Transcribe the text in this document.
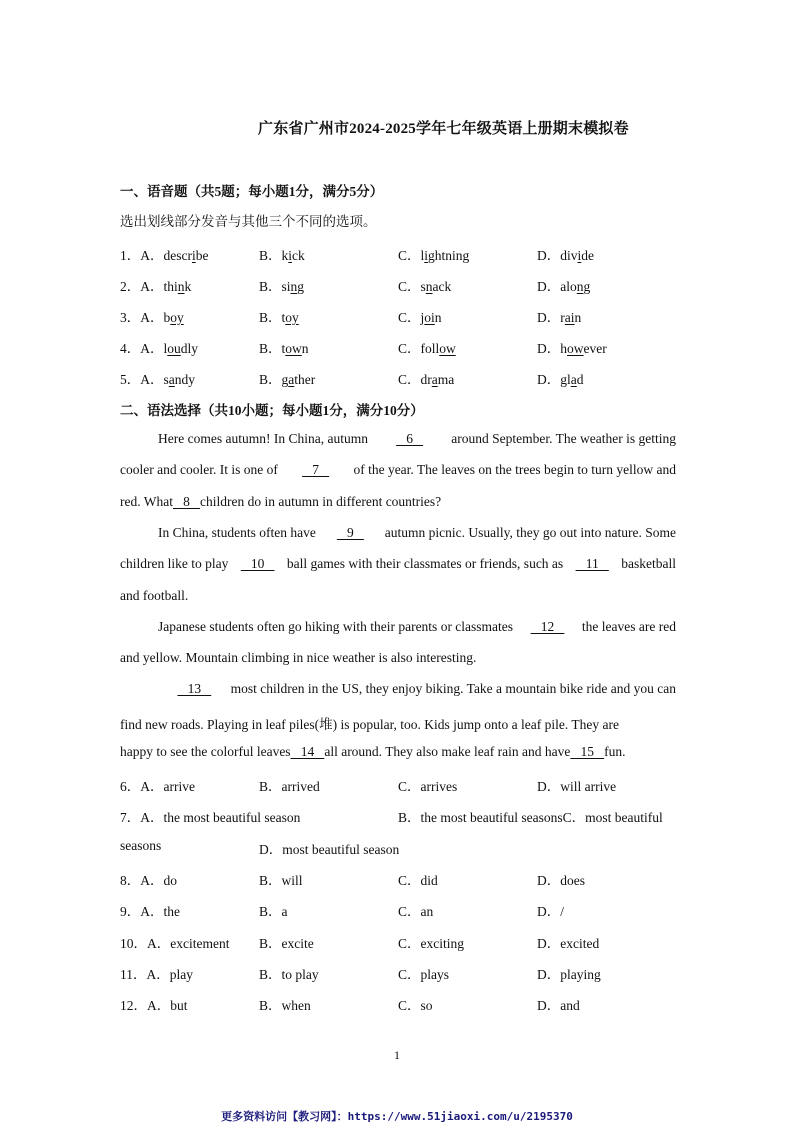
广东省广州市2024-2025学年七年级英语上册期末模拟卷
一、语音题（共5题；每小题1分，满分5分）
选出划线部分发音与其他三个不同的选项。
1．A．describe	B．kick	C．lightning	D．divide
2．A．think	B．sing	C．snack	D．along
3．A．boy	B．toy	C．join	D．rain
4．A．loudly	B．town	C．follow	D．however
5．A．sandy	B．gather	C．drama	D．glad
二、语法选择（共10小题；每小题1分，满分10分）
Here comes autumn! In China, autumn 6 around September. The weather is getting
cooler and cooler. It is one of 7 of the year. The leaves on the trees begin to turn yellow and
red. What   8   children do in autumn in different countries?
In China, students often have 9 autumn picnic. Usually, they go out into nature. Some
children like to play 10 ball games with their classmates or friends, such as 11 basketball
and football.
Japanese students often go hiking with their parents or classmates 12 the leaves are red
and yellow. Mountain climbing in nice weather is also interesting.
13 most children in the US, they enjoy biking. Take a mountain bike ride and you can
find new roads. Playing in leaf piles(堆) is popular, too. Kids jump onto a leaf pile. They are
happy to see the colorful leaves   14   all around. They also make leaf rain and have   15   fun.
6．A．arrive	B．arrived	C．arrives	D．will arrive
7．A．the most beautiful season	B．the most beautiful seasonsC．most beautiful
seasons	D．most beautiful season
8．A．do	B．will	C．did	D．does
9．A．the	B．a	C．an	D．/
10．A．excitement B．excite	C．exciting	D．excited
11．A．play	B．to play	C．plays	D．playing
12．A．but	B．when	C．so	D．and
1
更多资料访问【教习网】：https://www.51jiaoxi.com/u/2195370
